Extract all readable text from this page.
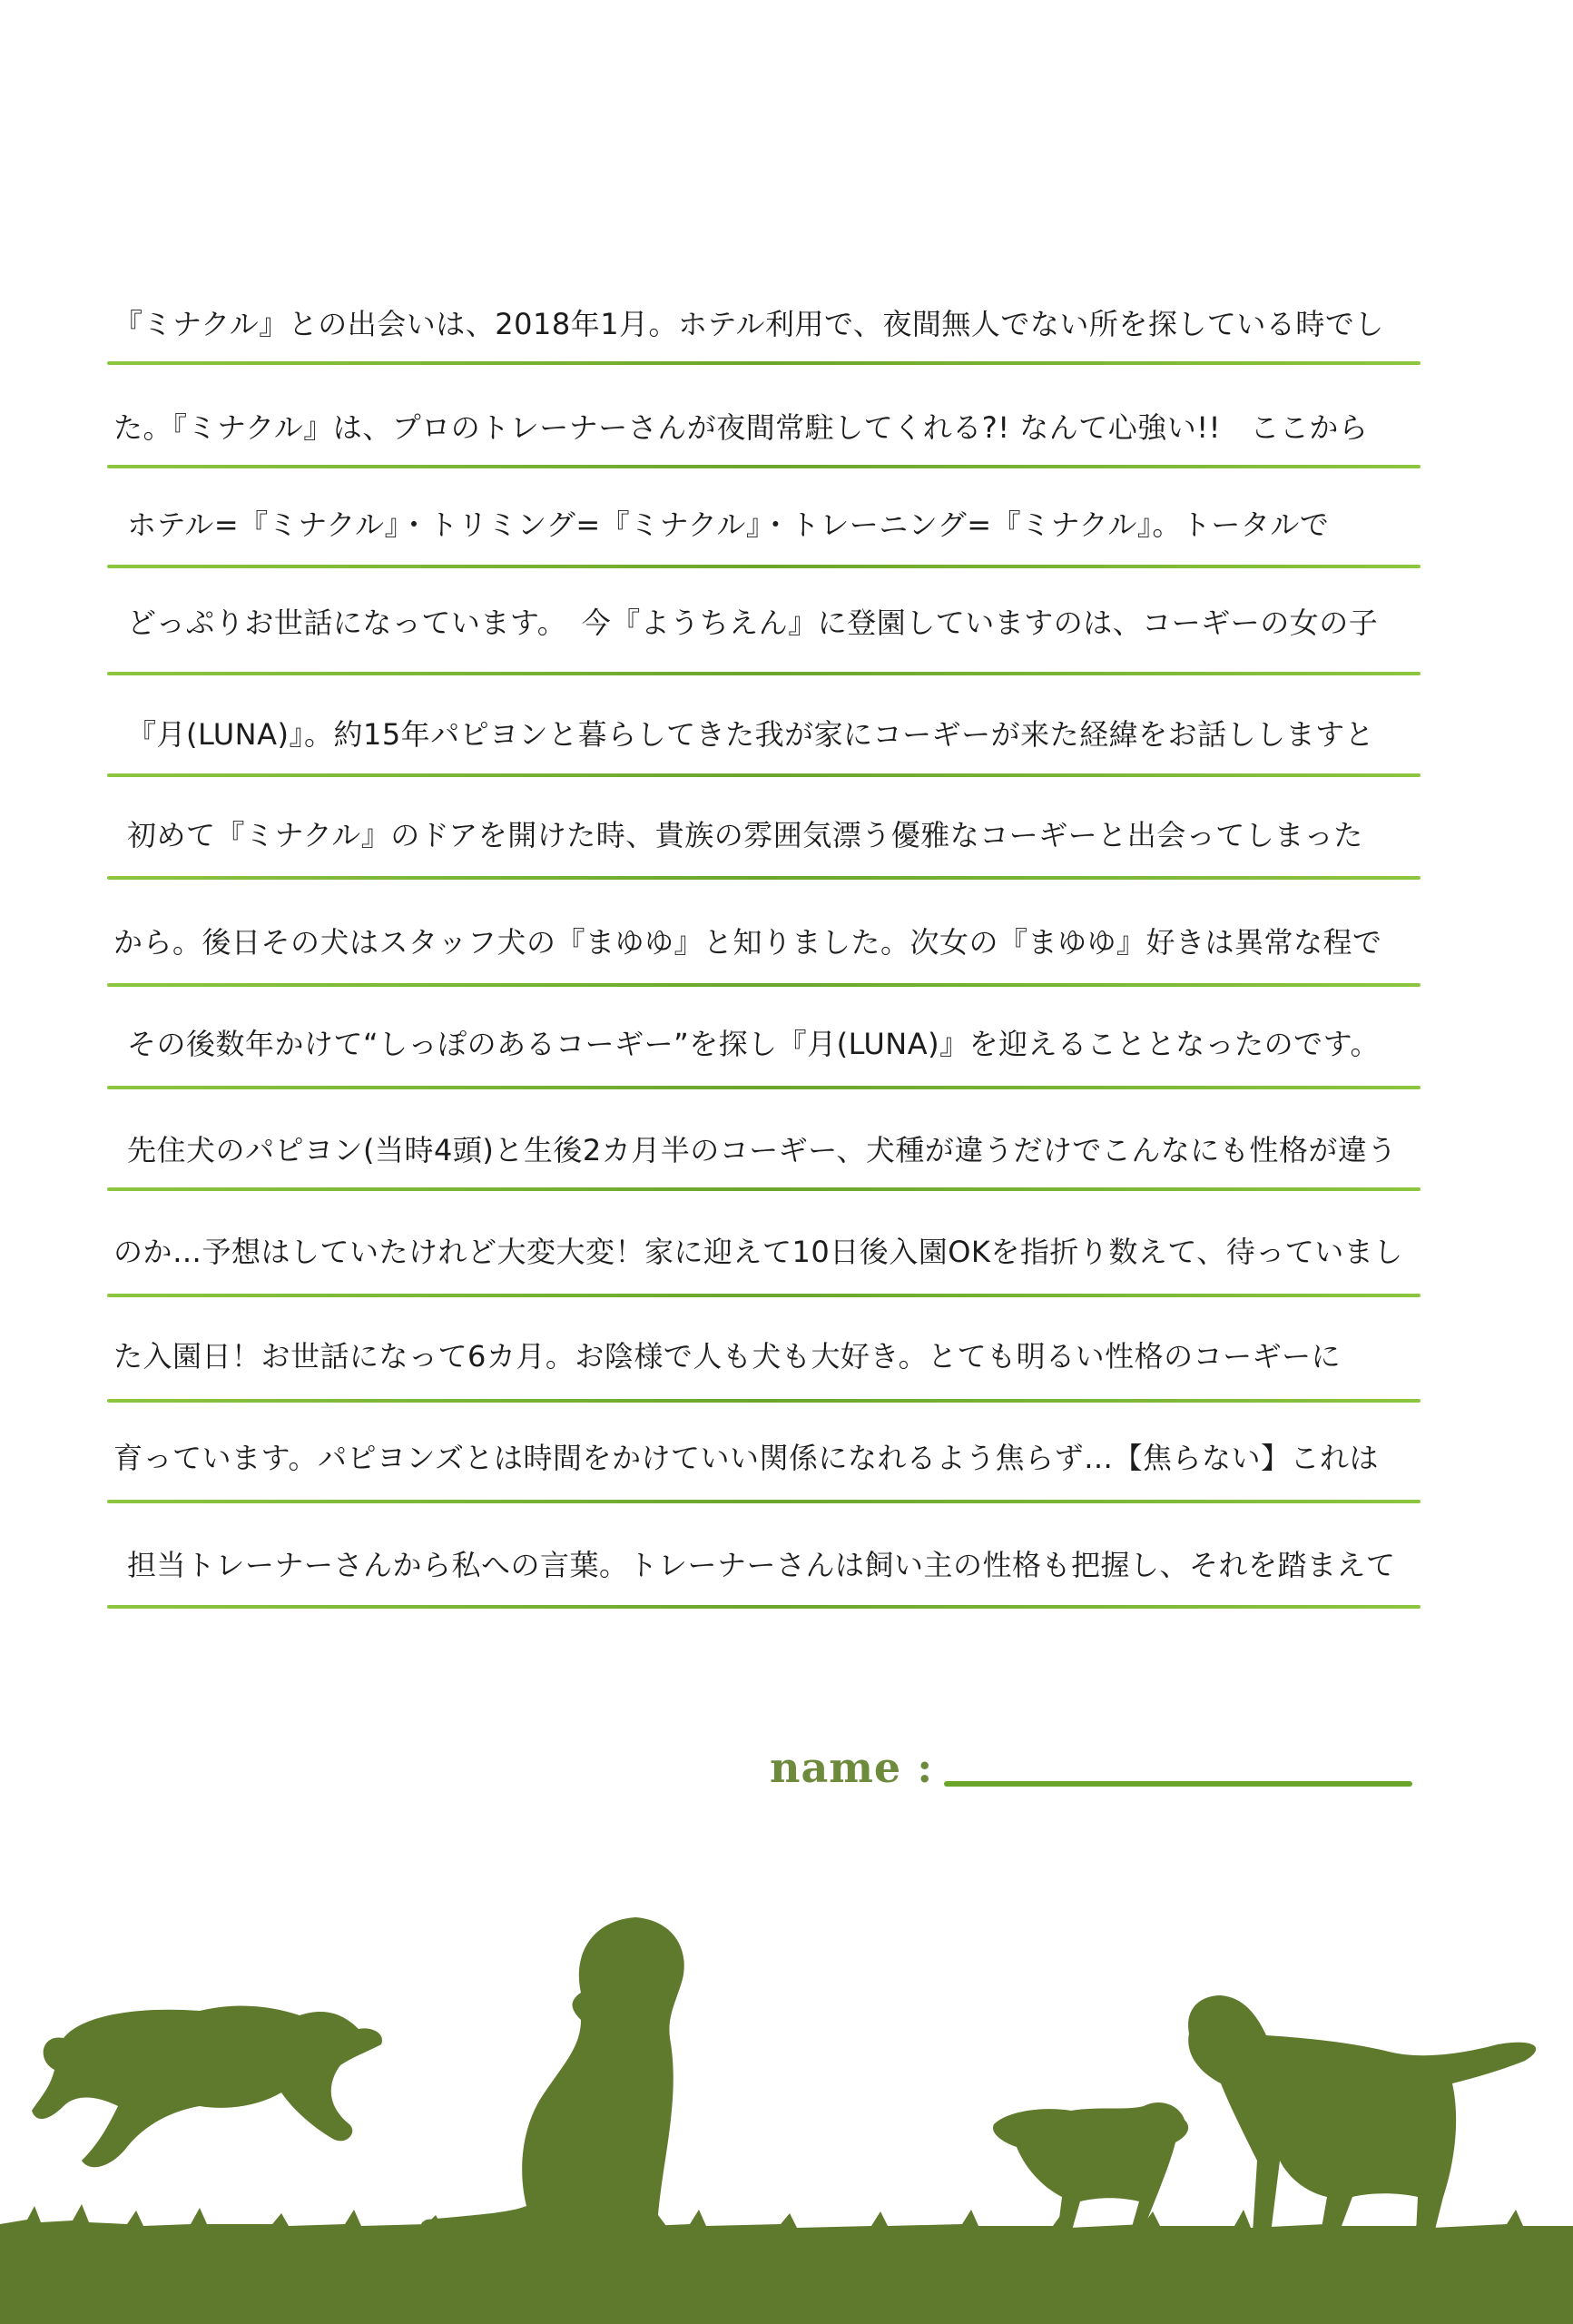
『ミナクル』との出会いは、2018年1月。ホテル利用で、夜間無人でない所を探している時でし
た。『ミナクル』は、プロのトレーナーさんが夜間常駐してくれる?! なんて心強い!!　ここから
ホテル=『ミナクル』・トリミング=『ミナクル』・トレーニング=『ミナクル』。トータルで
どっぷりお世話になっています。　今『ようちえん』に登園していますのは、コーギーの女の子
『月(LUNA)』。約15年パピヨンと暮らしてきた我が家にコーギーが来た経緯をお話ししますと
初めて『ミナクル』のドアを開けた時、貴族の雰囲気漂う優雅なコーギーと出会ってしまった
から。後日その犬はスタッフ犬の『まゆゆ』と知りました。次女の『まゆゆ』好きは異常な程で
その後数年かけて“しっぽのあるコーギー”を探し『月(LUNA)』を迎えることとなったのです。
先住犬のパピヨン(当時4頭)と生後2カ月半のコーギー、犬種が違うだけでこんなにも性格が違う
のか…予想はしていたけれど大変大変！家に迎えて10日後入園OKを指折り数えて、待っていまし
た入園日！お世話になって6カ月。お陰様で人も犬も大好き。とても明るい性格のコーギーに
育っています。パピヨンズとは時間をかけていい関係になれるよう焦らず…【焦らない】これは
担当トレーナーさんから私への言葉。トレーナーさんは飼い主の性格も把握し、それを踏まえて
name :
